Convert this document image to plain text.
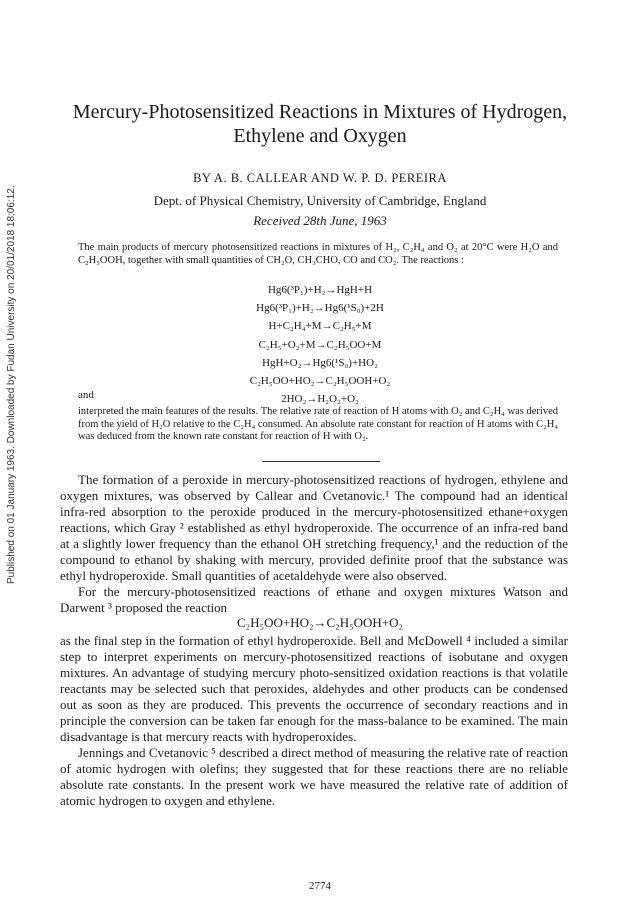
Published on 01 January 1963. Downloaded by Fudan University on 20/01/2018 18:06:12.
Mercury-Photosensitized Reactions in Mixtures of Hydrogen, Ethylene and Oxygen
BY A. B. CALLEAR AND W. P. D. PEREIRA
Dept. of Physical Chemistry, University of Cambridge, England
Received 28th June, 1963
The main products of mercury photosensitized reactions in mixtures of H₂, C₂H₄ and O₂ at 20°C were H₂O and C₂H₅OOH, together with small quantities of CH₂O, CH₃CHO, CO and CO₂. The reactions :
Hg6(³P₁)+H₂→HgH+H
Hg6(³P₁)+H₂→Hg6(¹S₀)+2H
H+C₂H₄+M→C₂H₅+M
C₂H₅+O₂+M→C₂H₅OO+M
HgH+O₂→Hg6(¹S₀)+HO₂
C₂H₅OO+HO₂→C₂H₅OOH+O₂
2HO₂→H₂O₂+O₂
and
interpreted the main features of the results. The relative rate of reaction of H atoms with O₂ and C₂H₄ was derived from the yield of H₂O relative to the C₂H₄ consumed. An absolute rate constant for reaction of H atoms with C₂H₄ was deduced from the known rate constant for reaction of H with O₂.

The formation of a peroxide in mercury-photosensitized reactions of hydrogen, ethylene and oxygen mixtures, was observed by Callear and Cvetanovic.¹ The compound had an identical infra-red absorption to the peroxide produced in the mercury-photosensitized ethane+oxygen reactions, which Gray ² established as ethyl hydroperoxide. The occurrence of an infra-red band at a slightly lower frequency than the ethanol OH stretching frequency,¹ and the reduction of the compound to ethanol by shaking with mercury, provided definite proof that the substance was ethyl hydroperoxide. Small quantities of acetaldehyde were also observed.

For the mercury-photosensitized reactions of ethane and oxygen mixtures Watson and Darwent ³ proposed the reaction

C₂H₅OO+HO₂→C₂H₅OOH+O₂

as the final step in the formation of ethyl hydroperoxide. Bell and McDowell ⁴ included a similar step to interpret experiments on mercury-photosensitized reactions of isobutane and oxygen mixtures. An advantage of studying mercury photo-sensitized oxidation reactions is that volatile reactants may be selected such that peroxides, aldehydes and other products can be condensed out as soon as they are produced. This prevents the occurrence of secondary reactions and in principle the conversion can be taken far enough for the mass-balance to be examined. The main disadvantage is that mercury reacts with hydroperoxides.

Jennings and Cvetanovic ⁵ described a direct method of measuring the relative rate of reaction of atomic hydrogen with olefins; they suggested that for these reactions there are no reliable absolute rate constants. In the present work we have measured the relative rate of addition of atomic hydrogen to oxygen and ethylene.

2774
